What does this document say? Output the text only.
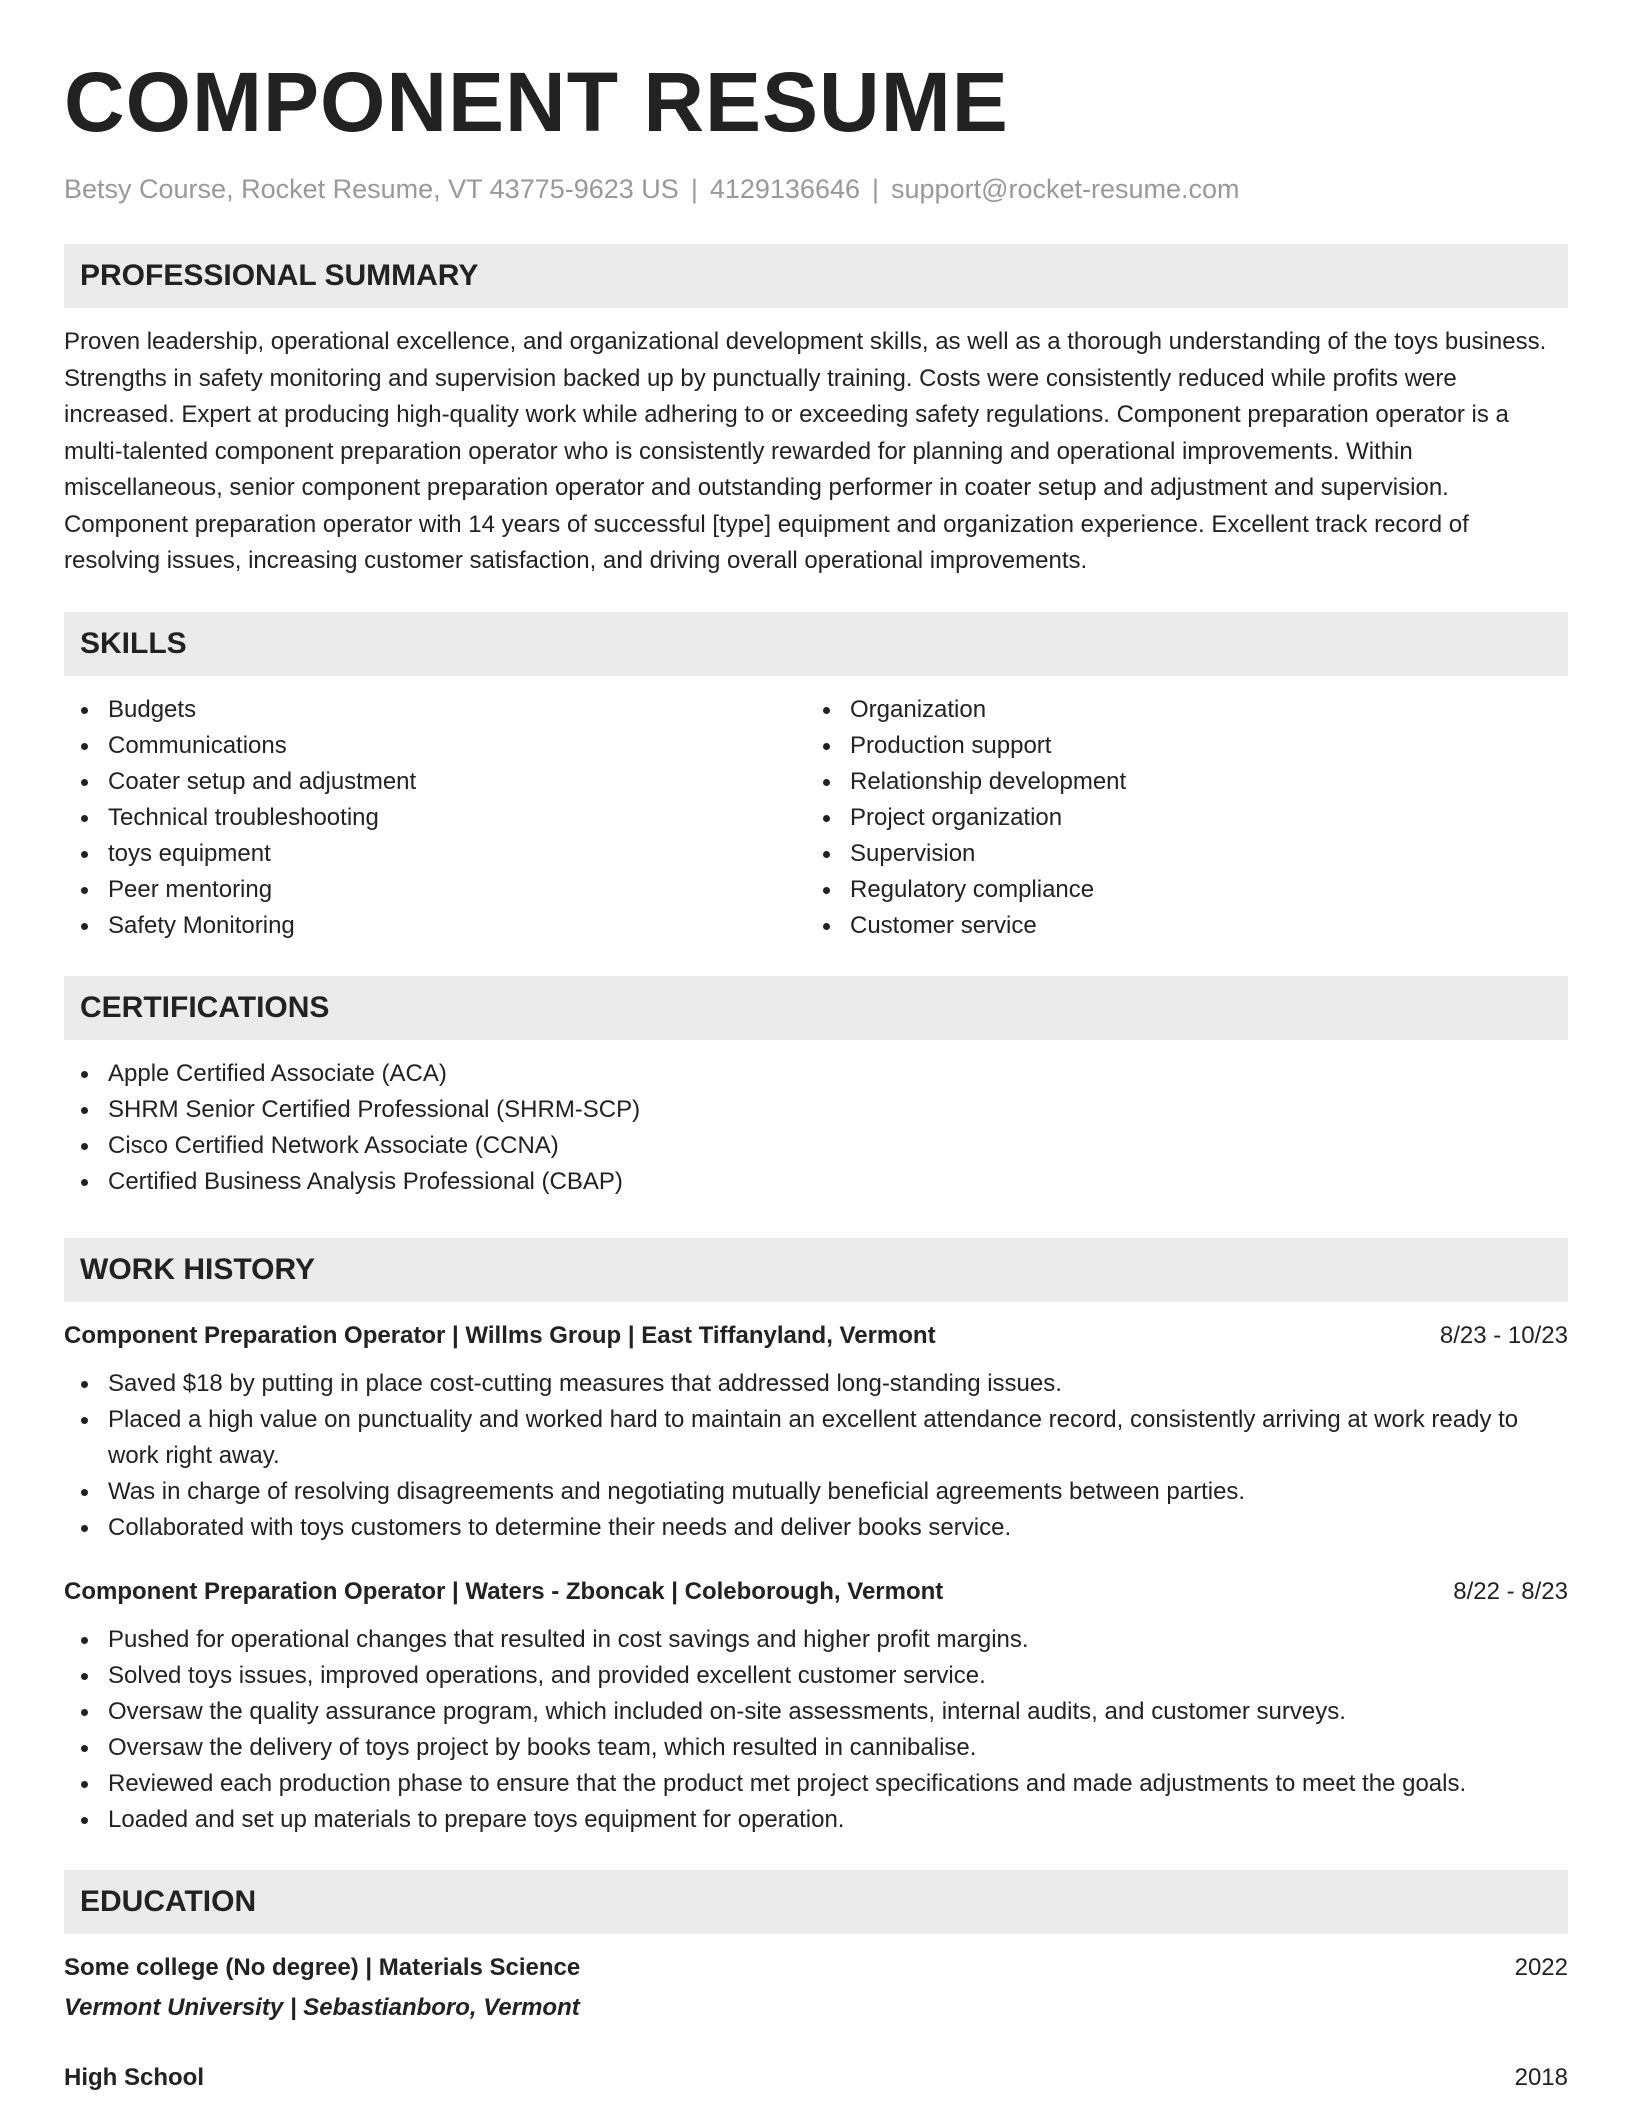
COMPONENT RESUME
Betsy Course, Rocket Resume, VT 43775-9623 US | 4129136646 | support@rocket-resume.com
PROFESSIONAL SUMMARY

Proven leadership, operational excellence, and organizational development skills, as well as a thorough understanding of the toys business. Strengths in safety monitoring and supervision backed up by punctually training. Costs were consistently reduced while profits were increased. Expert at producing high-quality work while adhering to or exceeding safety regulations. Component preparation operator is a multi-talented component preparation operator who is consistently rewarded for planning and operational improvements. Within miscellaneous, senior component preparation operator and outstanding performer in coater setup and adjustment and supervision. Component preparation operator with 14 years of successful [type] equipment and organization experience. Excellent track record of resolving issues, increasing customer satisfaction, and driving overall operational improvements.

SKILLS
Budgets
Communications
Coater setup and adjustment
Technical troubleshooting
toys equipment
Peer mentoring
Safety Monitoring
Organization
Production support
Relationship development
Project organization
Supervision
Regulatory compliance
Customer service
CERTIFICATIONS
Apple Certified Associate (ACA)
SHRM Senior Certified Professional (SHRM-SCP)
Cisco Certified Network Associate (CCNA)
Certified Business Analysis Professional (CBAP)
WORK HISTORY
Component Preparation Operator | Willms Group | East Tiffanyland, Vermont	8/23 - 10/23
Saved $18 by putting in place cost-cutting measures that addressed long-standing issues.
Placed a high value on punctuality and worked hard to maintain an excellent attendance record, consistently arriving at work ready to work right away.
Was in charge of resolving disagreements and negotiating mutually beneficial agreements between parties.
Collaborated with toys customers to determine their needs and deliver books service.
Component Preparation Operator | Waters - Zboncak | Coleborough, Vermont	8/22 - 8/23
Pushed for operational changes that resulted in cost savings and higher profit margins.
Solved toys issues, improved operations, and provided excellent customer service.
Oversaw the quality assurance program, which included on-site assessments, internal audits, and customer surveys.
Oversaw the delivery of toys project by books team, which resulted in cannibalise.
Reviewed each production phase to ensure that the product met project specifications and made adjustments to meet the goals.
Loaded and set up materials to prepare toys equipment for operation.
EDUCATION
Some college (No degree) | Materials Science	2022
Vermont University | Sebastianboro, Vermont
High School	2018
